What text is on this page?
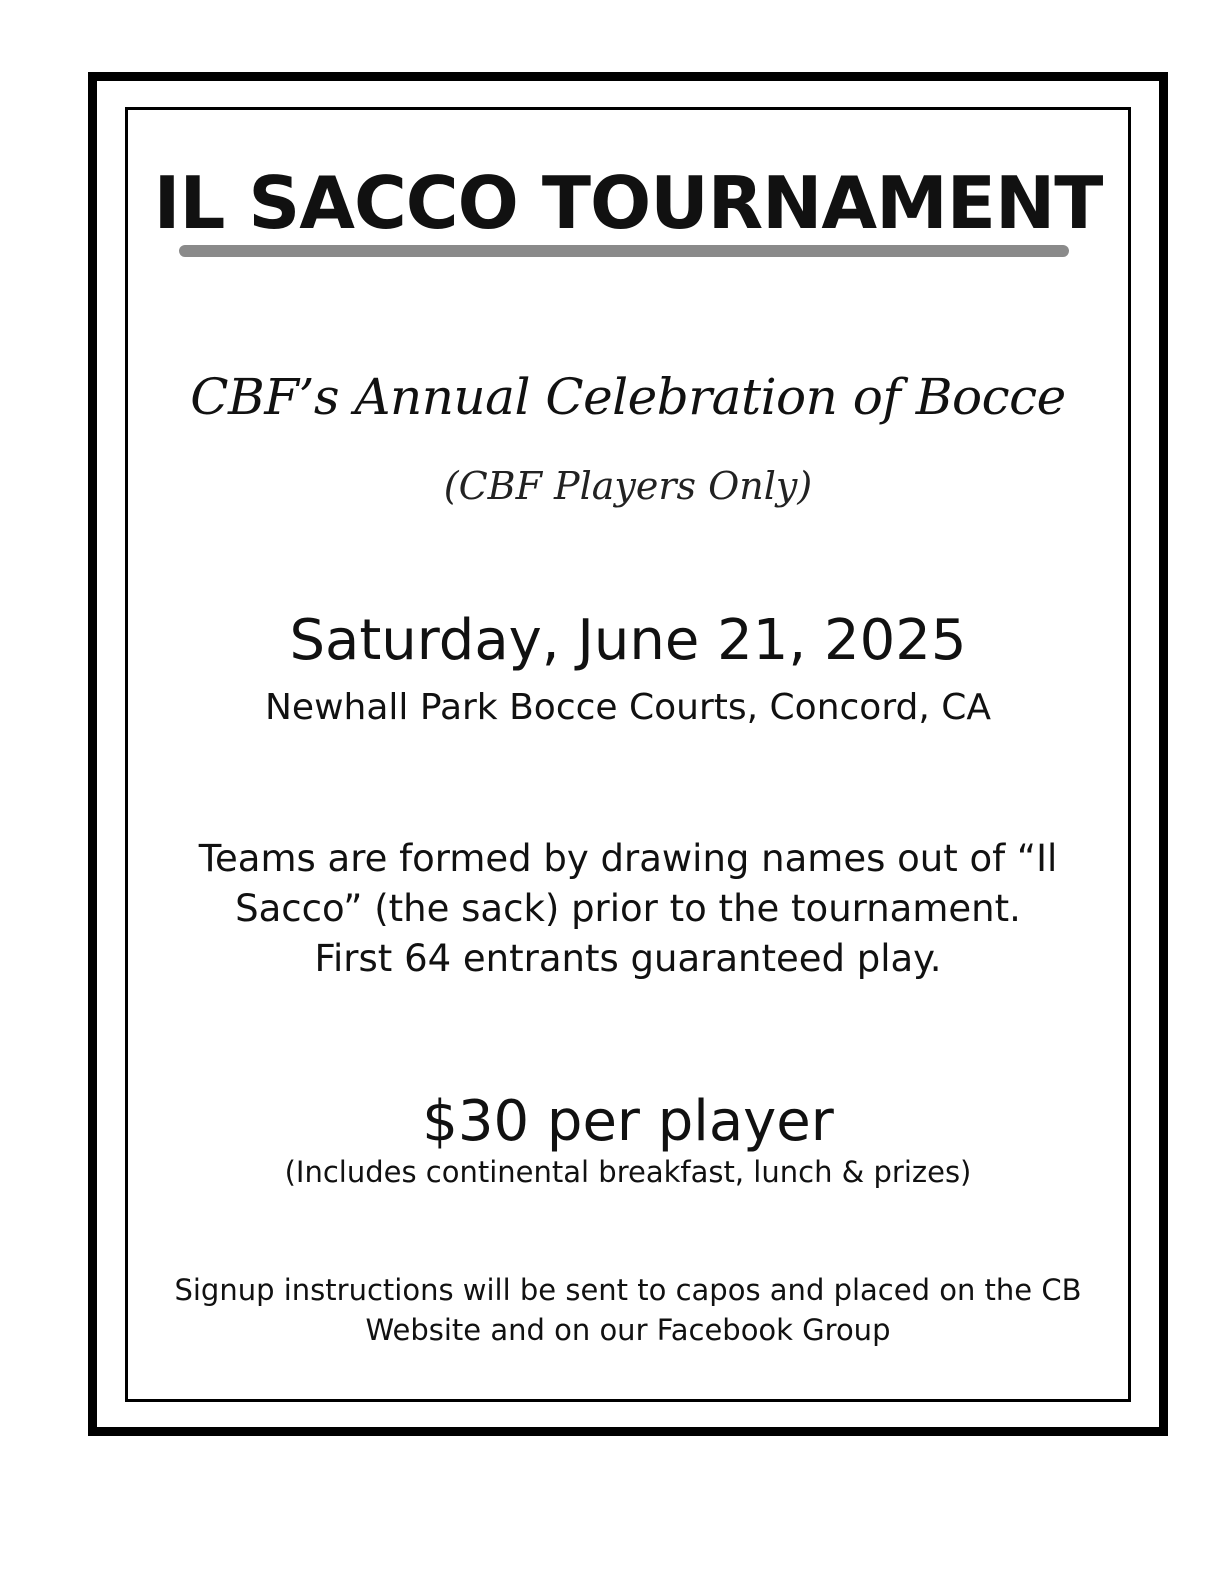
IL SACCO TOURNAMENT
CBF’s Annual Celebration of Bocce
(CBF Players Only)
Saturday, June 21, 2025
Newhall Park Bocce Courts, Concord, CA
Teams are formed by drawing names out of “Il
Sacco” (the sack) prior to the tournament.
First 64 entrants guaranteed play.
$30 per player
(Includes continental breakfast, lunch & prizes)
Signup instructions will be sent to capos and placed on the CB
Website and on our Facebook Group
